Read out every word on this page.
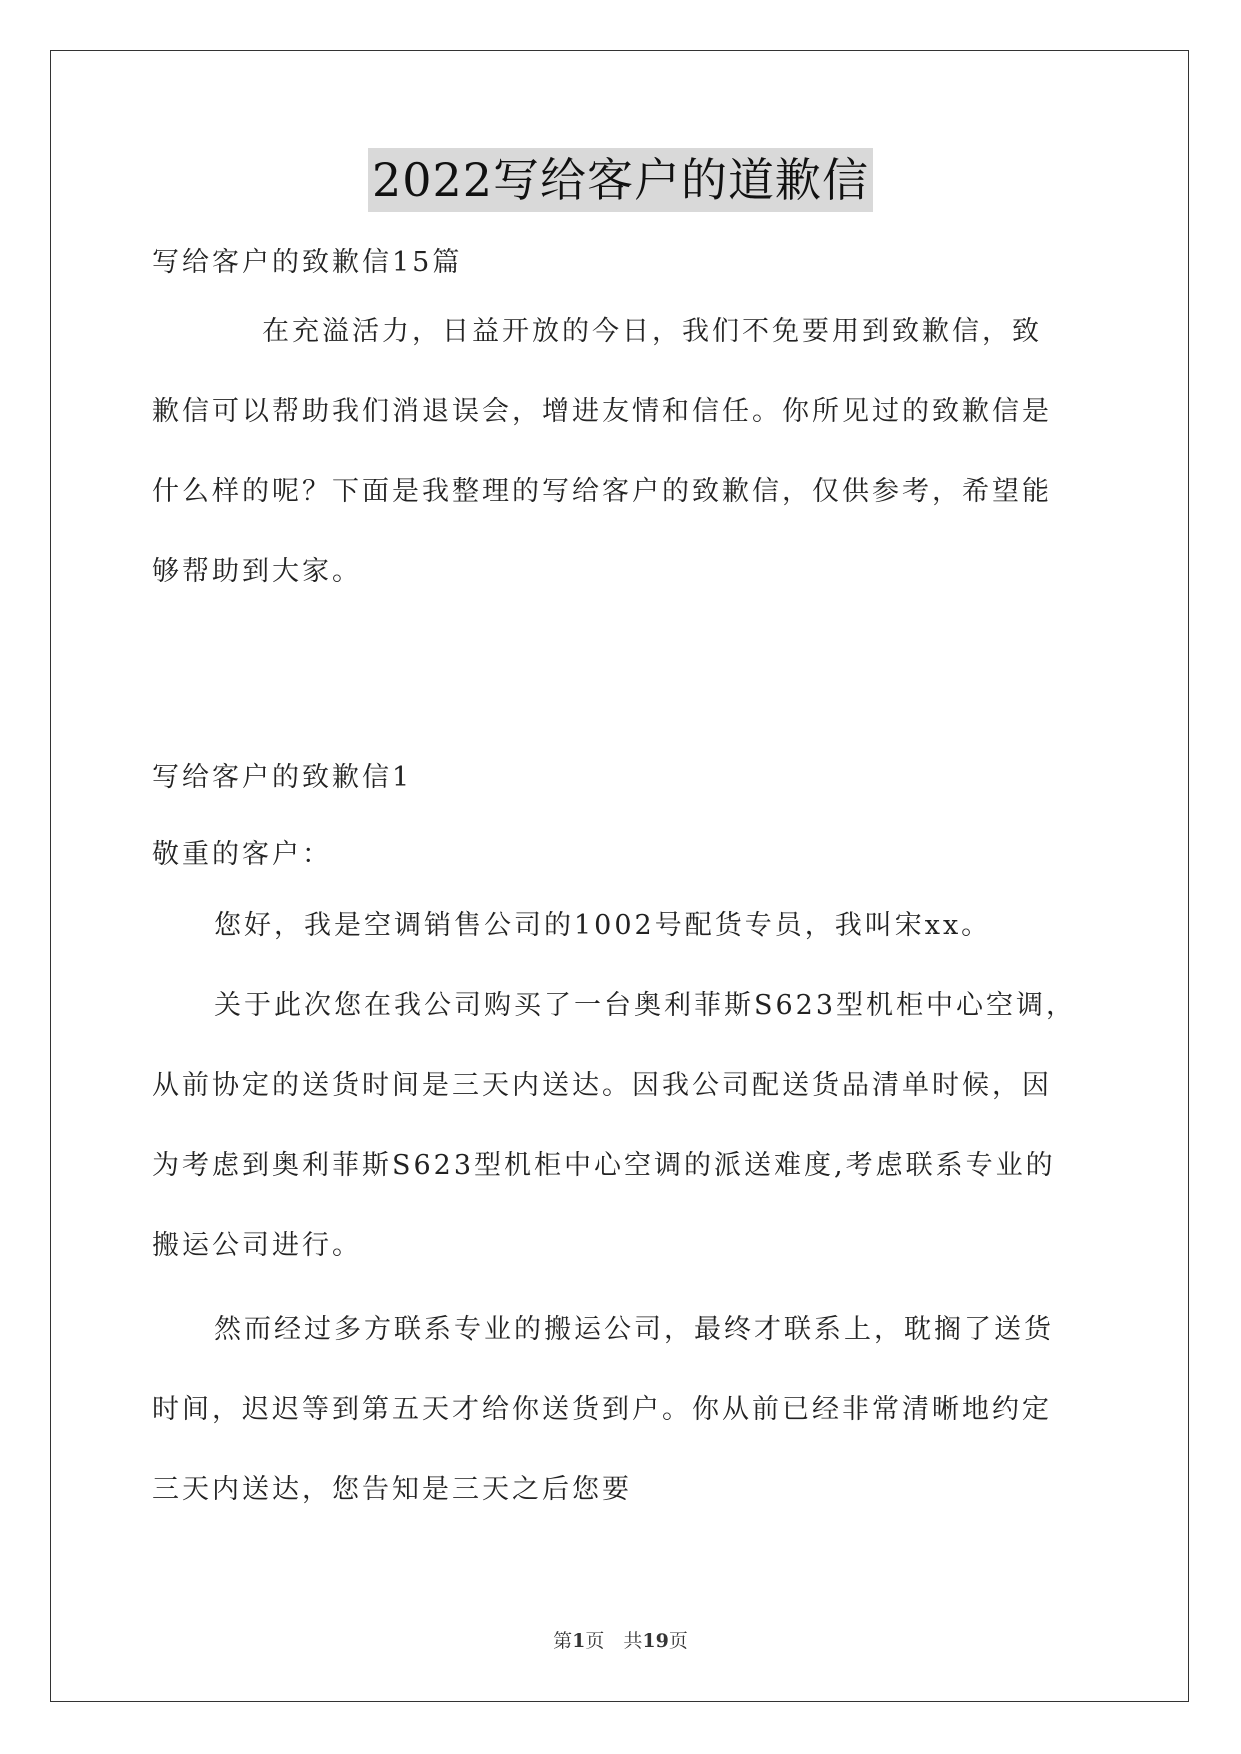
2022写给客户的道歉信
写给客户的致歉信15篇
在充溢活力，日益开放的今日，我们不免要用到致歉信，致
歉信可以帮助我们消退误会，增进友情和信任。你所见过的致歉信是
什么样的呢？下面是我整理的写给客户的致歉信，仅供参考，希望能
够帮助到大家。
写给客户的致歉信1
敬重的客户：
您好，我是空调销售公司的1002号配货专员，我叫宋xx。
关于此次您在我公司购买了一台奥利菲斯S623型机柜中心空调，
从前协定的送货时间是三天内送达。因我公司配送货品清单时候，因
为考虑到奥利菲斯S623型机柜中心空调的派送难度,考虑联系专业的
搬运公司进行。
然而经过多方联系专业的搬运公司，最终才联系上，耽搁了送货
时间，迟迟等到第五天才给你送货到户。你从前已经非常清晰地约定
三天内送达，您告知是三天之后您要
第1页　共19页
